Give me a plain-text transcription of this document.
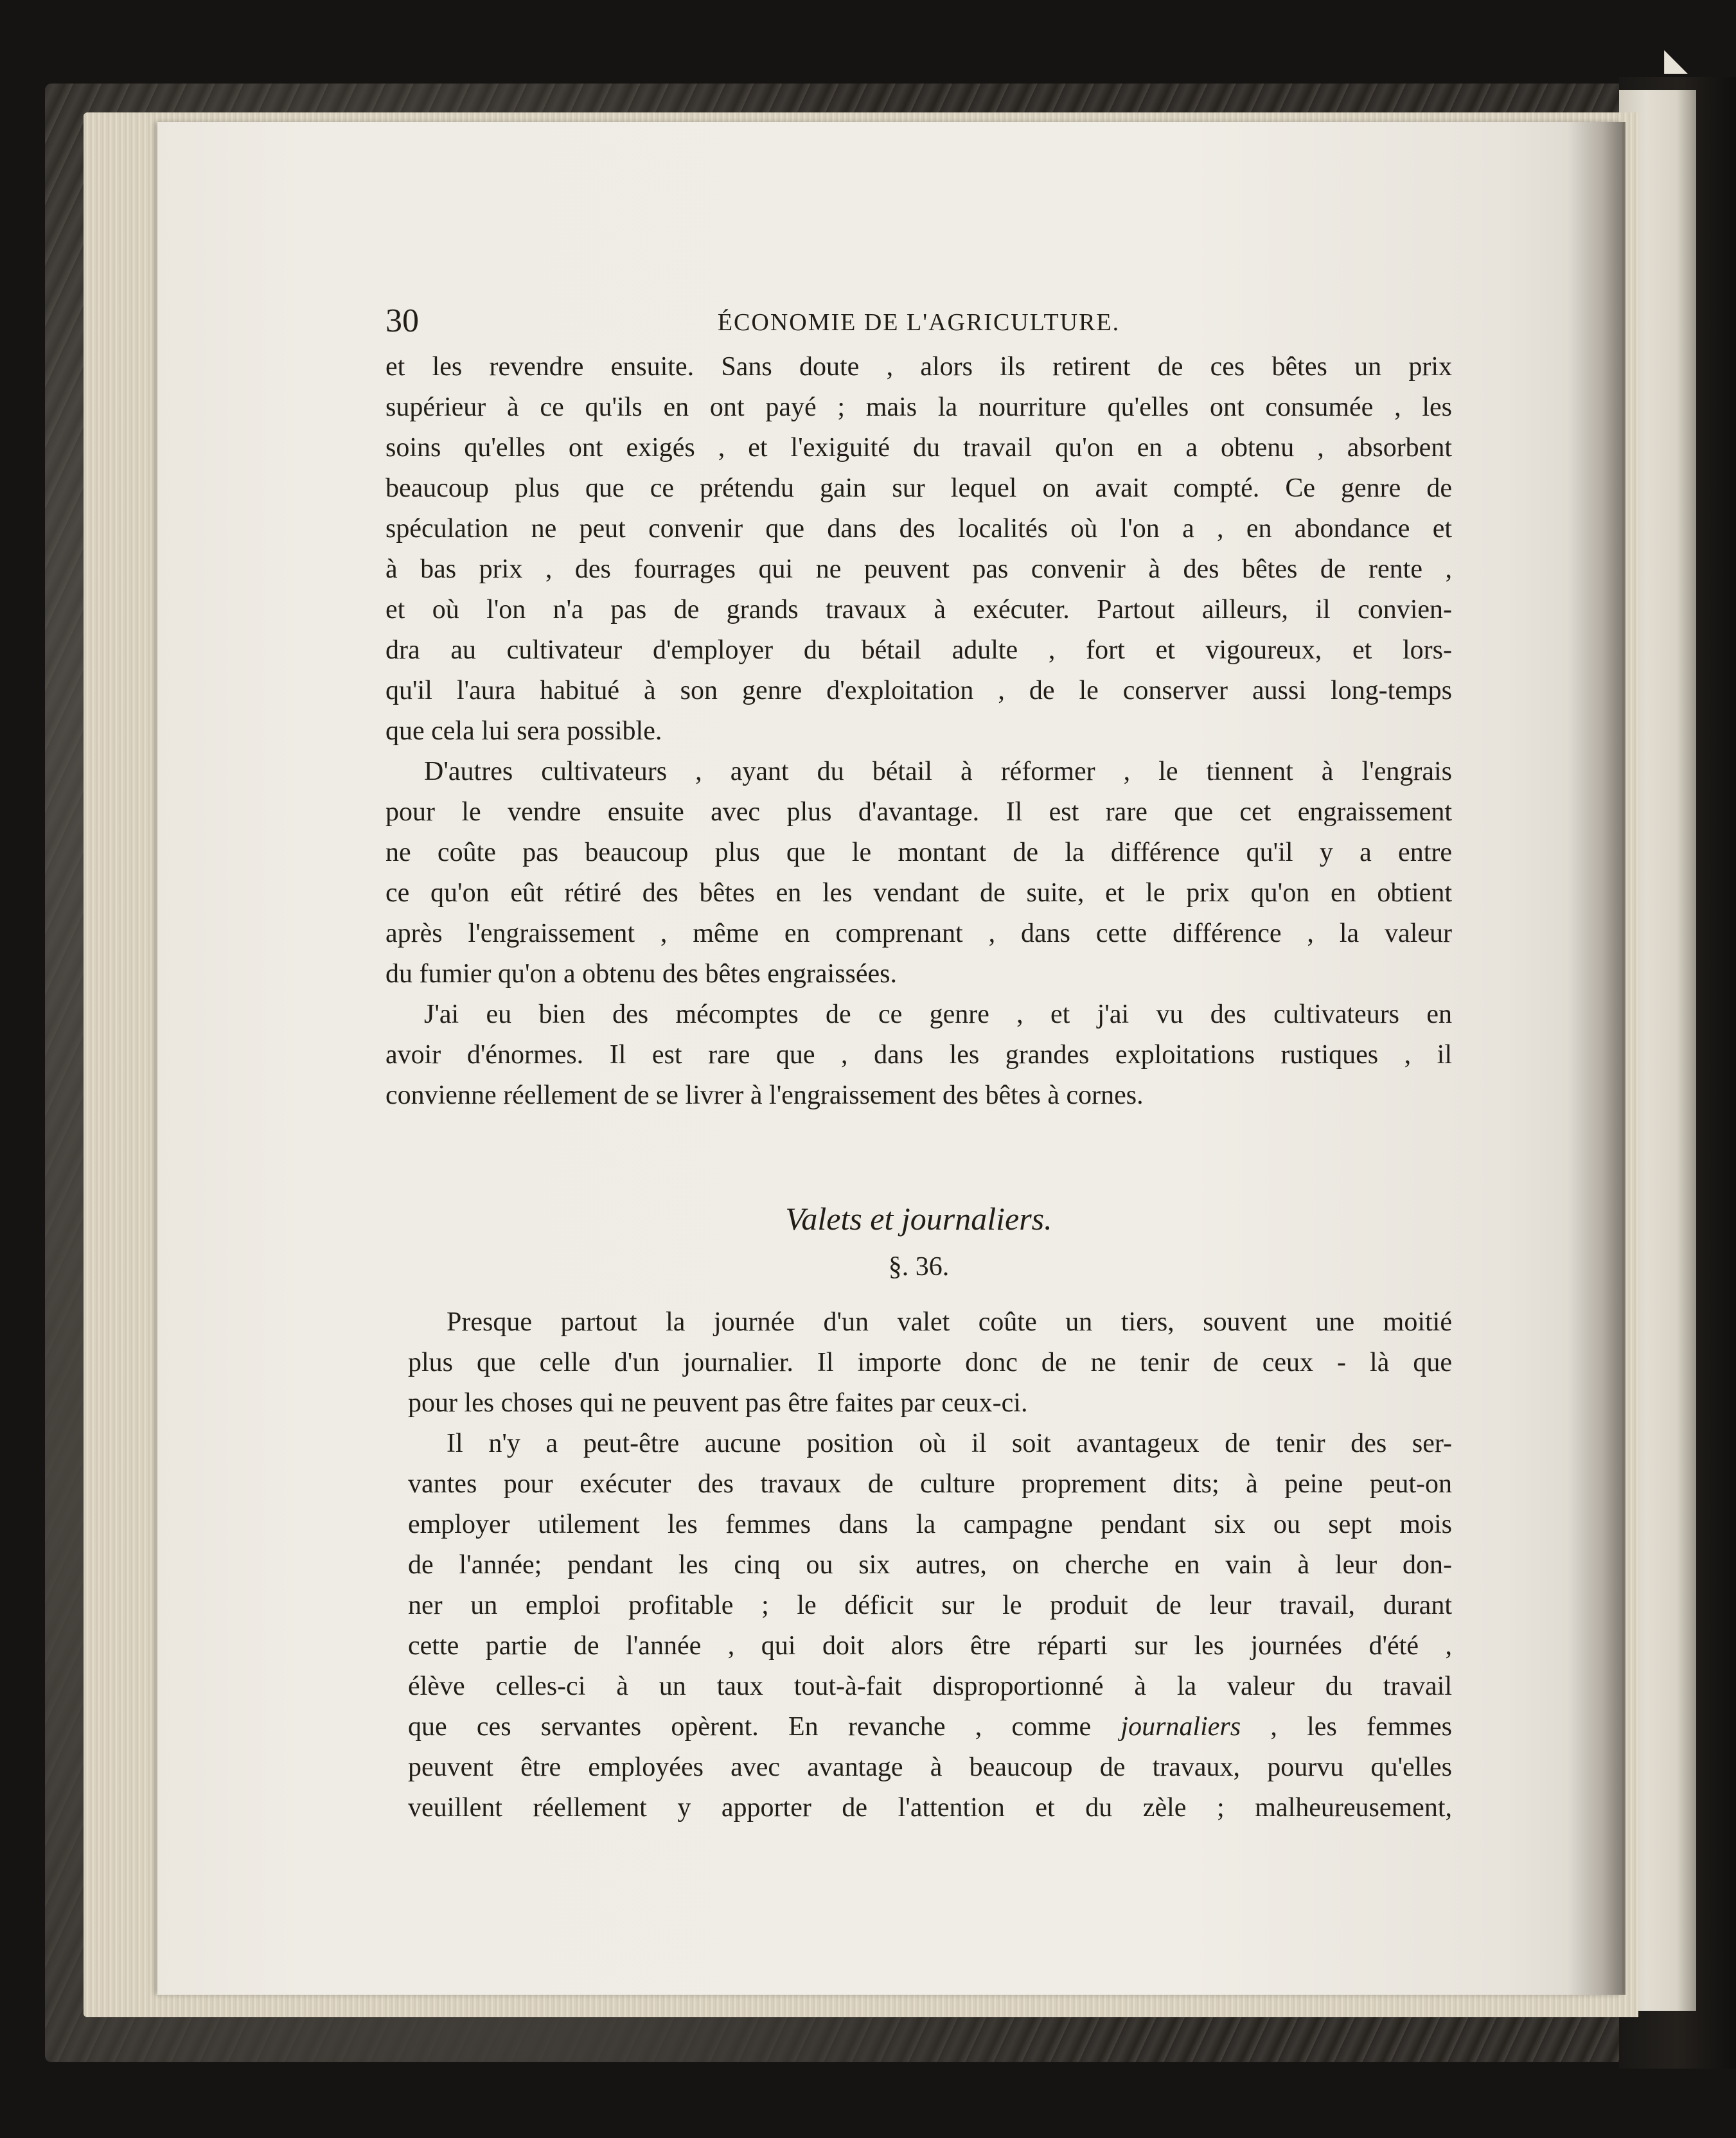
◣
30	ÉCONOMIE DE L'AGRICULTURE.

et les revendre ensuite. Sans doute , alors ils retirent de ces bêtes un prix

supérieur à ce qu'ils en ont payé ; mais la nourriture qu'elles ont consumée , les

soins qu'elles ont exigés , et l'exiguité du travail qu'on en a obtenu , absorbent

beaucoup plus que ce prétendu gain sur lequel on avait compté. Ce genre de

spéculation ne peut convenir que dans des localités où l'on a , en abondance et

à bas prix , des fourrages qui ne peuvent pas convenir à des bêtes de rente ,

et où l'on n'a pas de grands travaux à exécuter. Partout ailleurs, il convien-

dra au cultivateur d'employer du bétail adulte , fort et vigoureux, et lors-

qu'il l'aura habitué à son genre d'exploitation , de le conserver aussi long-temps

que cela lui sera possible.

D'autres cultivateurs , ayant du bétail à réformer , le tiennent à l'engrais

pour le vendre ensuite avec plus d'avantage. Il est rare que cet engraissement

ne coûte pas beaucoup plus que le montant de la différence qu'il y a entre

ce qu'on eût rétiré des bêtes en les vendant de suite, et le prix qu'on en obtient

après l'engraissement , même en comprenant , dans cette différence , la valeur

du fumier qu'on a obtenu des bêtes engraissées.

J'ai eu bien des mécomptes de ce genre , et j'ai vu des cultivateurs en

avoir d'énormes. Il est rare que , dans les grandes exploitations rustiques , il

convienne réellement de se livrer à l'engraissement des bêtes à cornes.

Valets et journaliers.
§. 36.

Presque partout la journée d'un valet coûte un tiers, souvent une moitié

plus que celle d'un journalier. Il importe donc de ne tenir de ceux - là que

pour les choses qui ne peuvent pas être faites par ceux-ci.

Il n'y a peut-être aucune position où il soit avantageux de tenir des ser-

vantes pour exécuter des travaux de culture proprement dits; à peine peut-on

employer utilement les femmes dans la campagne pendant six ou sept mois

de l'année; pendant les cinq ou six autres, on cherche en vain à leur don-

ner un emploi profitable ; le déficit sur le produit de leur travail, durant

cette partie de l'année , qui doit alors être réparti sur les journées d'été ,

élève celles-ci à un taux tout-à-fait disproportionné à la valeur du travail

que ces servantes opèrent. En revanche , comme journaliers , les femmes

peuvent être employées avec avantage à beaucoup de travaux, pourvu qu'elles

veuillent réellement y apporter de l'attention et du zèle ; malheureusement,
